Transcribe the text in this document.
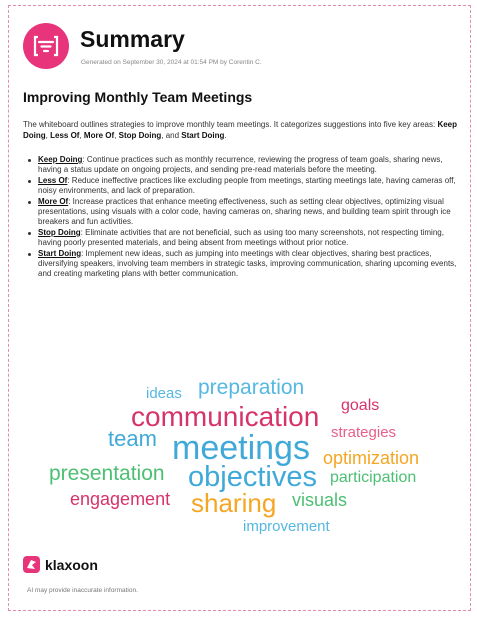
Summary
Generated on September 30, 2024 at 01:54 PM by Corentin C.
Improving Monthly Team Meetings
The whiteboard outlines strategies to improve monthly team meetings. It categorizes suggestions into five key areas: Keep Doing, Less Of, More Of, Stop Doing, and Start Doing.
Keep Doing: Continue practices such as monthly recurrence, reviewing the progress of team goals, sharing news, having a status update on ongoing projects, and sending pre-read materials before the meeting.
Less Of: Reduce ineffective practices like excluding people from meetings, starting meetings late, having cameras off, noisy environments, and lack of preparation.
More Of: Increase practices that enhance meeting effectiveness, such as setting clear objectives, optimizing visual presentations, using visuals with a color code, having cameras on, sharing news, and building team spirit through ice breakers and fun activities.
Stop Doing: Eliminate activities that are not beneficial, such as using too many screenshots, not respecting timing, having poorly presented materials, and being absent from meetings without prior notice.
Start Doing: Implement new ideas, such as jumping into meetings with clear objectives, sharing best practices, diversifying speakers, involving team members in strategic tasks, improving communication, sharing upcoming events, and creating marketing plans with better communication.
ideas preparation
communication goals
team meetings strategies
optimization
presentation objectives participation
engagement sharing visuals
improvement
klaxoon
AI may provide inaccurate information.
